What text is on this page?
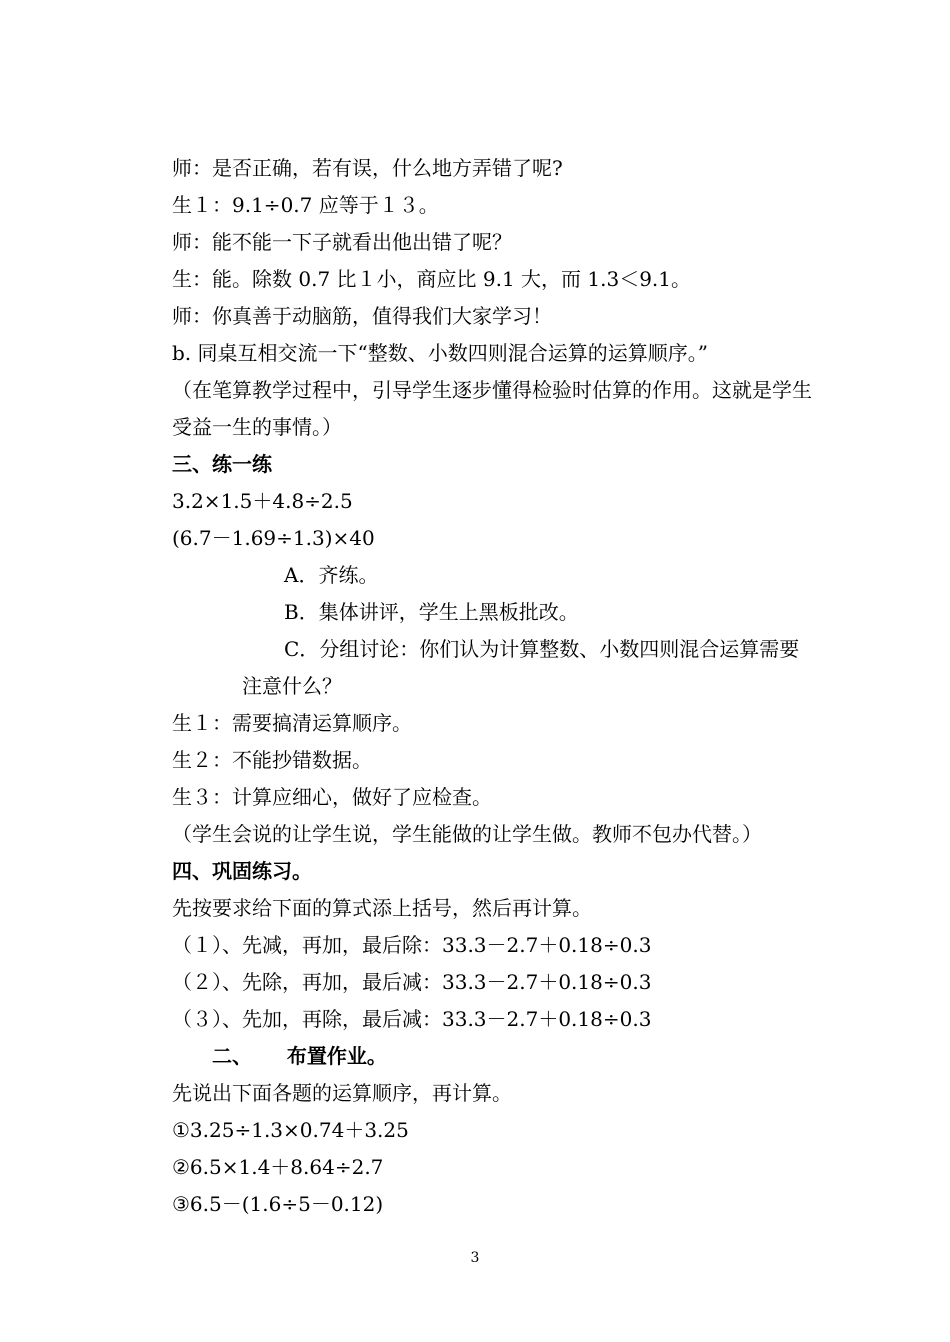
师：是否正确，若有误，什么地方弄错了呢?
生１：9.1÷0.7 应等于１３。
师：能不能一下子就看出他出错了呢？
生：能。除数 0.7 比１小，商应比 9.1 大，而 1.3＜9.1。
师：你真善于动脑筋，值得我们大家学习！
b. 同桌互相交流一下“整数、小数四则混合运算的运算顺序。”
（在笔算教学过程中，引导学生逐步懂得检验时估算的作用。这就是学生
受益一生的事情。）
三、练一练
3.2×1.5＋4.8÷2.5
(6.7－1.69÷1.3)×40
A．齐练。
B．集体讲评，学生上黑板批改。
C．分组讨论：你们认为计算整数、小数四则混合运算需要
注意什么？
生１：需要搞清运算顺序。
生２：不能抄错数据。
生３：计算应细心，做好了应检查。
（学生会说的让学生说，学生能做的让学生做。教师不包办代替。）
四、巩固练习。
先按要求给下面的算式添上括号，然后再计算。
（１）、先减，再加，最后除：33.3－2.7＋0.18÷0.3
（２）、先除，再加，最后减：33.3－2.7＋0.18÷0.3
（３）、先加，再除，最后减：33.3－2.7＋0.18÷0.3
二、     布置作业。
先说出下面各题的运算顺序，再计算。
①3.25÷1.3×0.74＋3.25
②6.5×1.4＋8.64÷2.7
③6.5－(1.6÷5－0.12)
3
